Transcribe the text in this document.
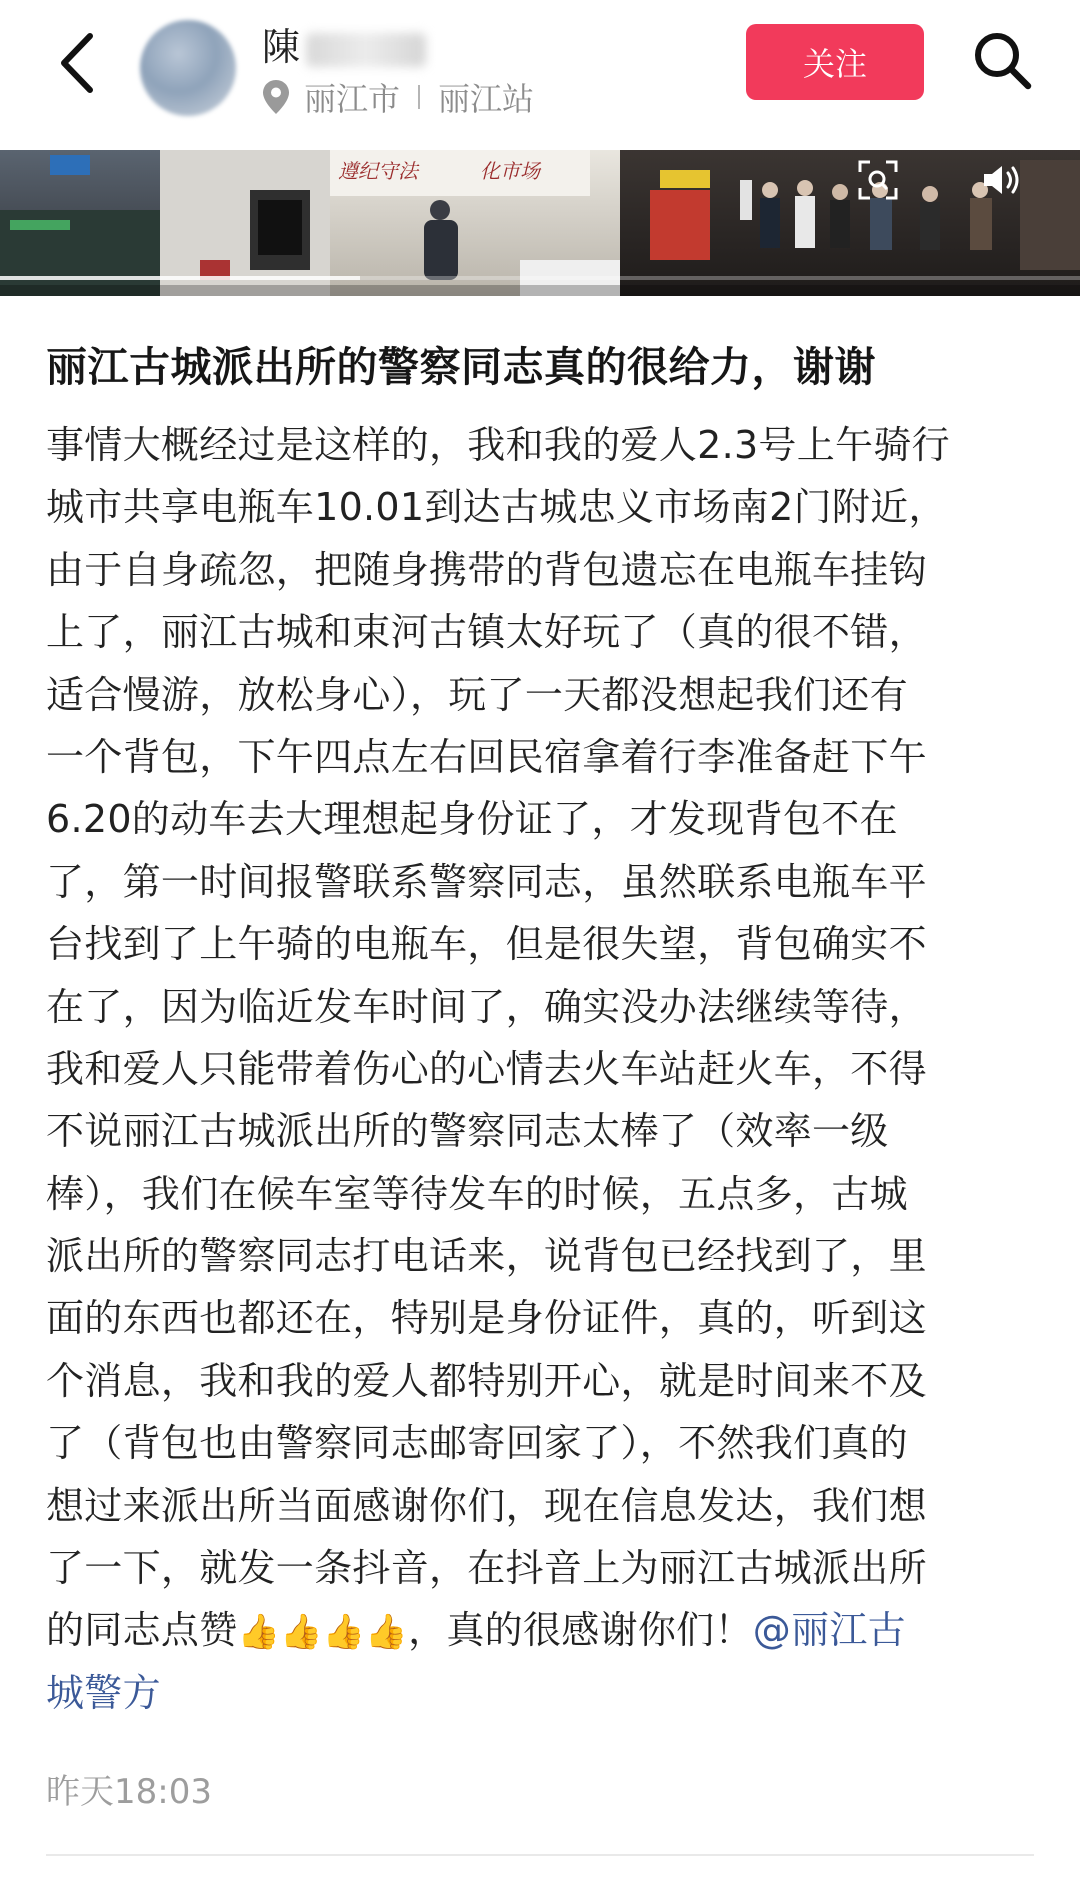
陳
丽江市 丽江站
关注
遵纪守法	化市场
丽江古城派出所的警察同志真的很给力，谢谢
事情大概经过是这样的，我和我的爱人2.3号上午骑行
城市共享电瓶车10.01到达古城忠义市场南2门附近，
由于自身疏忽，把随身携带的背包遗忘在电瓶车挂钩
上了，丽江古城和束河古镇太好玩了（真的很不错，
适合慢游，放松身心），玩了一天都没想起我们还有
一个背包，下午四点左右回民宿拿着行李准备赶下午
6.20的动车去大理想起身份证了，才发现背包不在
了，第一时间报警联系警察同志，虽然联系电瓶车平
台找到了上午骑的电瓶车，但是很失望，背包确实不
在了，因为临近发车时间了，确实没办法继续等待，
我和爱人只能带着伤心的心情去火车站赶火车，不得
不说丽江古城派出所的警察同志太棒了（效率一级
棒），我们在候车室等待发车的时候，五点多，古城
派出所的警察同志打电话来，说背包已经找到了，里
面的东西也都还在，特别是身份证件，真的，听到这
个消息，我和我的爱人都特别开心，就是时间来不及
了（背包也由警察同志邮寄回家了），不然我们真的
想过来派出所当面感谢你们，现在信息发达，我们想
了一下，就发一条抖音，在抖音上为丽江古城派出所
的同志点赞👍👍👍👍，真的很感谢你们！@丽江古
城警方
昨天18:03
